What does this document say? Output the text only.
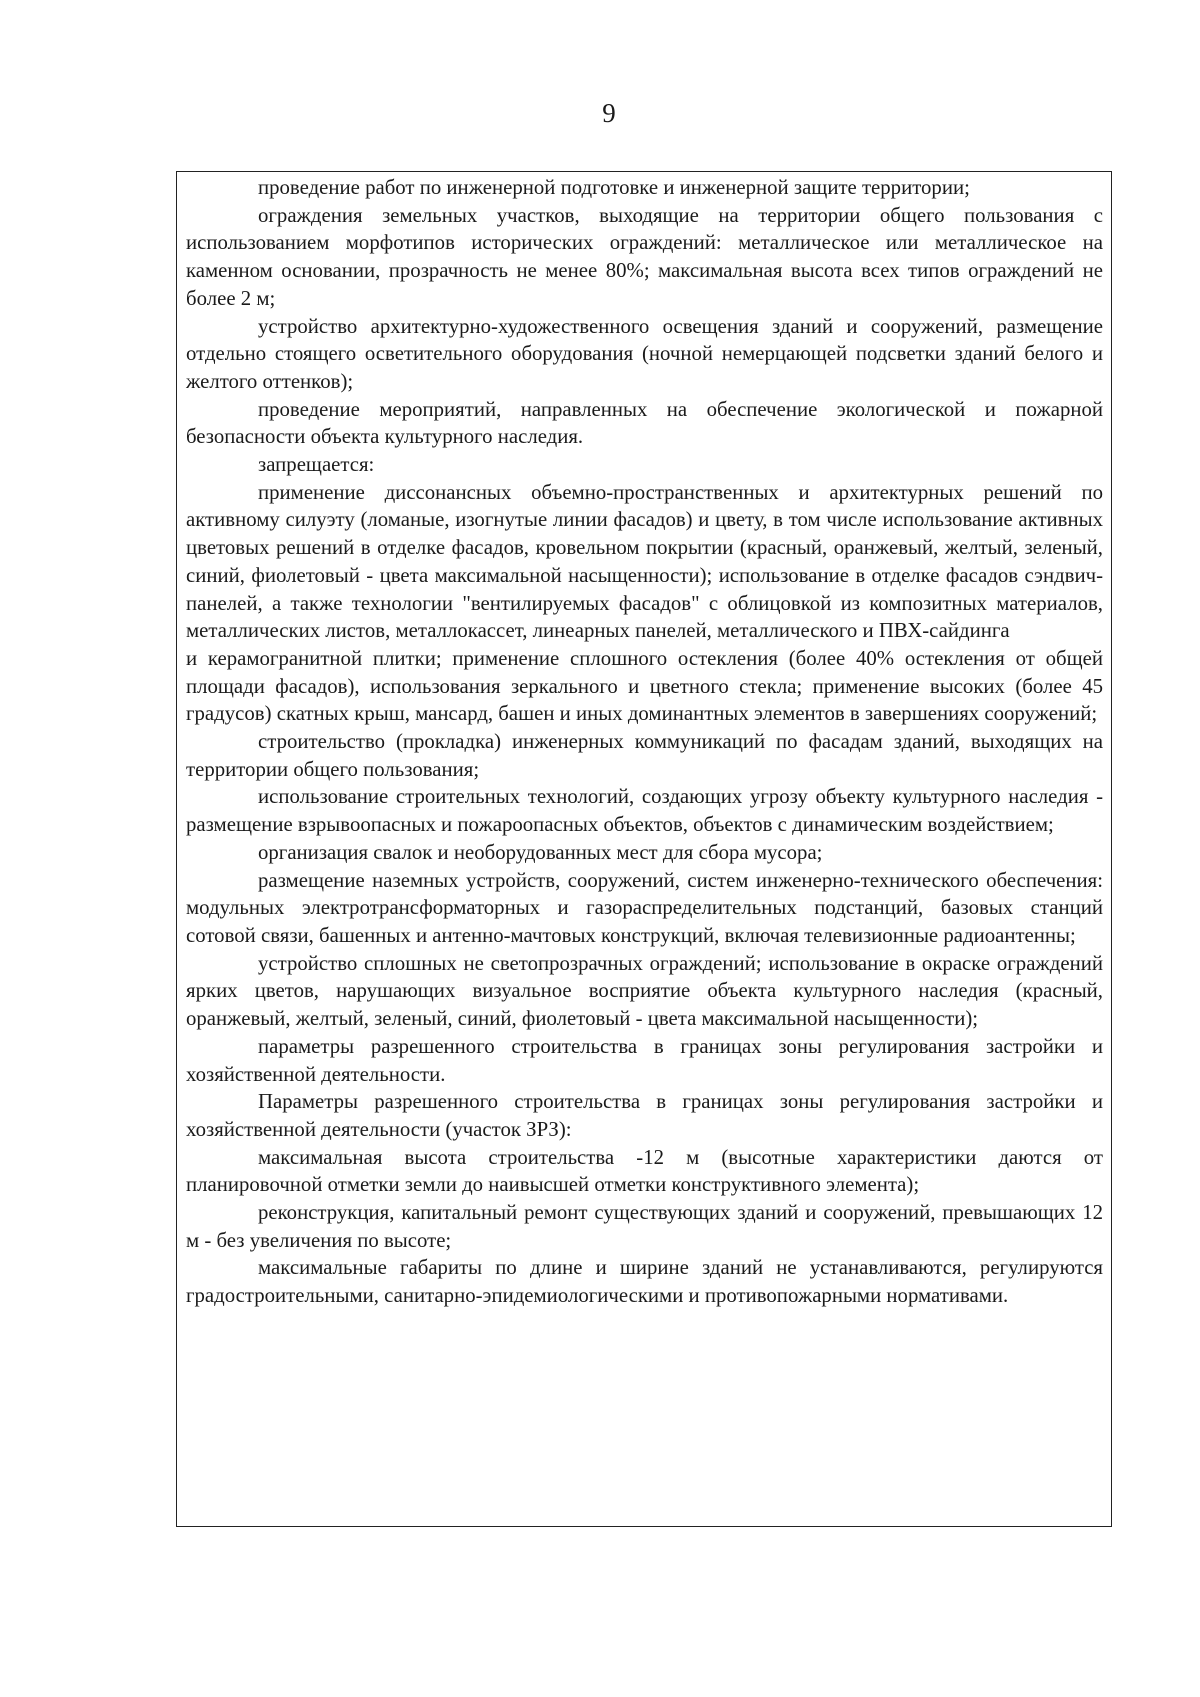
9

проведение работ по инженерной подготовке и инженерной защите территории;

ограждения земельных участков, выходящие на территории общего пользования с использованием морфотипов исторических ограждений: металлическое или металлическое на каменном основании, прозрачность не менее 80%; максимальная высота всех типов ограждений не более 2 м;

устройство архитектурно-художественного освещения зданий и сооружений, размещение отдельно стоящего осветительного оборудования (ночной немерцающей подсветки зданий белого и желтого оттенков);

проведение мероприятий, направленных на обеспечение экологической и пожарной безопасности объекта культурного наследия.

запрещается:

применение диссонансных объемно-пространственных и архитектурных решений по активному силуэту (ломаные, изогнутые линии фасадов) и цвету, в том числе использование активных цветовых решений в отделке фасадов, кровельном покрытии (красный, оранжевый, желтый, зеленый, синий, фиолетовый - цвета максимальной насыщенности); использование в отделке фасадов сэндвич-панелей, а также технологии "вентилируемых фасадов" с облицовкой из композитных материалов, металлических листов, металлокассет, линеарных панелей, металлического и ПВХ-сайдинга

и керамогранитной плитки; применение сплошного остекления (более 40% остекления от общей площади фасадов), использования зеркального и цветного стекла; применение высоких (более 45 градусов) скатных крыш, мансард, башен и иных доминантных элементов в завершениях сооружений;

строительство (прокладка) инженерных коммуникаций по фасадам зданий, выходящих на территории общего пользования;

использование строительных технологий, создающих угрозу объекту культурного наследия - размещение взрывоопасных и пожароопасных объектов, объектов с динамическим воздействием;

организация свалок и необорудованных мест для сбора мусора;

размещение наземных устройств, сооружений, систем инженерно-технического обеспечения: модульных электротрансформаторных и газораспределительных подстанций, базовых станций сотовой связи, башенных и антенно-мачтовых конструкций, включая телевизионные радиоантенны;

устройство сплошных не светопрозрачных ограждений; использование в окраске ограждений ярких цветов, нарушающих визуальное восприятие объекта культурного наследия (красный, оранжевый, желтый, зеленый, синий, фиолетовый - цвета максимальной насыщенности);

параметры разрешенного строительства в границах зоны регулирования застройки и хозяйственной деятельности.

Параметры разрешенного строительства в границах зоны регулирования застройки и хозяйственной деятельности (участок ЗРЗ):

максимальная высота строительства -12 м (высотные характеристики даются от планировочной отметки земли до наивысшей отметки конструктивного элемента);

реконструкция, капитальный ремонт существующих зданий и сооружений, превышающих 12 м - без увеличения по высоте;

максимальные габариты по длине и ширине зданий не устанавливаются, регулируются градостроительными, санитарно-эпидемиологическими и противопожарными нормативами.
